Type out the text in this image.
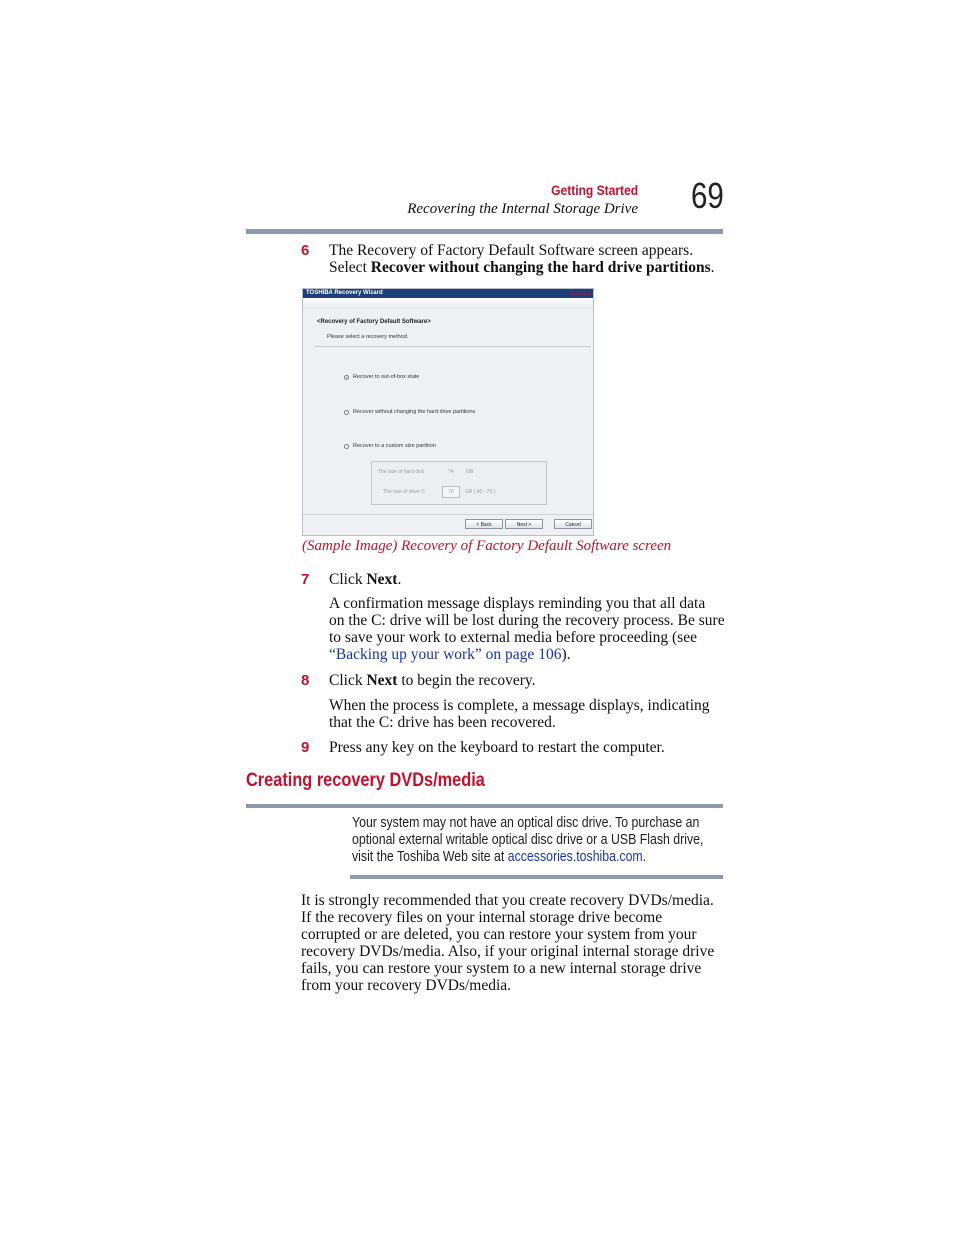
Getting Started
Recovering the Internal Storage Drive 69
6 The Recovery of Factory Default Software screen appears.
Select Recover without changing the hard drive partitions.
TOSHIBA Recovery Wizard	TOSHIBA
<Recovery of Factory Default Software>
Please select a recovery method.
Recover to out-of-box state
Recover without changing the hard drive partitions
Recover to a custom size partition
The size of hard disk	74 GB
The size of drive C	70	GB ( 40 - 70 )
< Back	Next >	Cancel
(Sample Image) Recovery of Factory Default Software screen
7 Click Next.
A confirmation message displays reminding you that all data
on the C: drive will be lost during the recovery process. Be sure
to save your work to external media before proceeding (see
“Backing up your work” on page 106).
8 Click Next to begin the recovery.
When the process is complete, a message displays, indicating
that the C: drive has been recovered.
9 Press any key on the keyboard to restart the computer.
Creating recovery DVDs/media
Your system may not have an optical disc drive. To purchase an
optional external writable optical disc drive or a USB Flash drive,
visit the Toshiba Web site at accessories.toshiba.com.
It is strongly recommended that you create recovery DVDs/media.
If the recovery files on your internal storage drive become
corrupted or are deleted, you can restore your system from your
recovery DVDs/media. Also, if your original internal storage drive
fails, you can restore your system to a new internal storage drive
from your recovery DVDs/media.
